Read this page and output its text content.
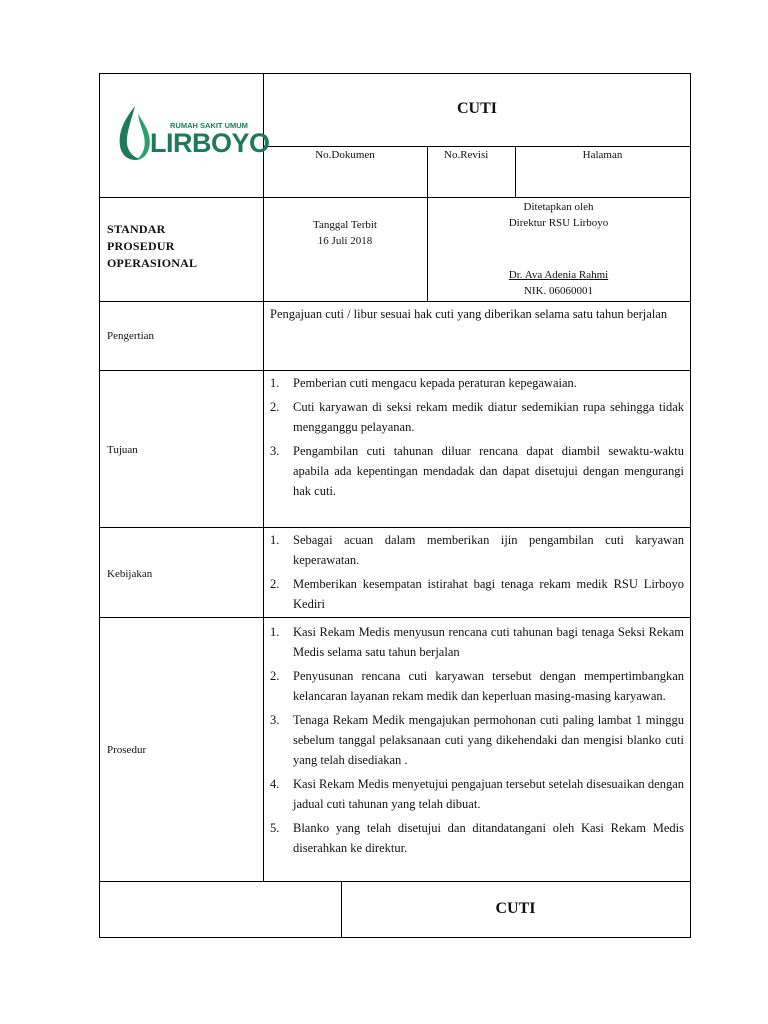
RUMAH SAKIT UMUM
LIRBOYO
CUTI
No.Dokumen	No.Revisi	Halaman
STANDAR
PROSEDUR
OPERASIONAL
Tanggal Terbit
16 Juli 2018
Ditetapkan oleh
Direktur RSU Lirboyo
Dr. Ava Adenia Rahmi
NIK. 06060001
Pengertian
Pengajuan cuti / libur sesuai hak cuti yang diberikan selama satu tahun berjalan
Tujuan
1. Pemberian cuti mengacu kepada peraturan kepegawaian.
2. Cuti karyawan di seksi rekam medik diatur sedemikian rupa sehingga tidak mengganggu pelayanan.
3. Pengambilan cuti tahunan diluar rencana dapat diambil sewaktu-waktu apabila ada kepentingan mendadak dan dapat disetujui dengan mengurangi hak cuti.
Kebijakan
1. Sebagai acuan dalam memberikan ijin pengambilan cuti karyawan keperawatan.
2. Memberikan kesempatan istirahat bagi tenaga rekam medik RSU Lirboyo Kediri
Prosedur
1. Kasi Rekam Medis menyusun rencana cuti tahunan bagi tenaga Seksi Rekam Medis selama satu tahun berjalan
2. Penyusunan rencana cuti karyawan tersebut dengan mempertimbangkan kelancaran layanan rekam medik dan keperluan masing-masing karyawan.
3. Tenaga Rekam Medik mengajukan permohonan cuti paling lambat 1 minggu sebelum tanggal pelaksanaan cuti yang dikehendaki dan mengisi blanko cuti yang telah disediakan .
4. Kasi Rekam Medis menyetujui pengajuan tersebut setelah disesuaikan dengan jadual cuti tahunan yang telah dibuat.
5. Blanko yang telah disetujui dan ditandatangani oleh Kasi Rekam Medis diserahkan ke direktur.
CUTI
